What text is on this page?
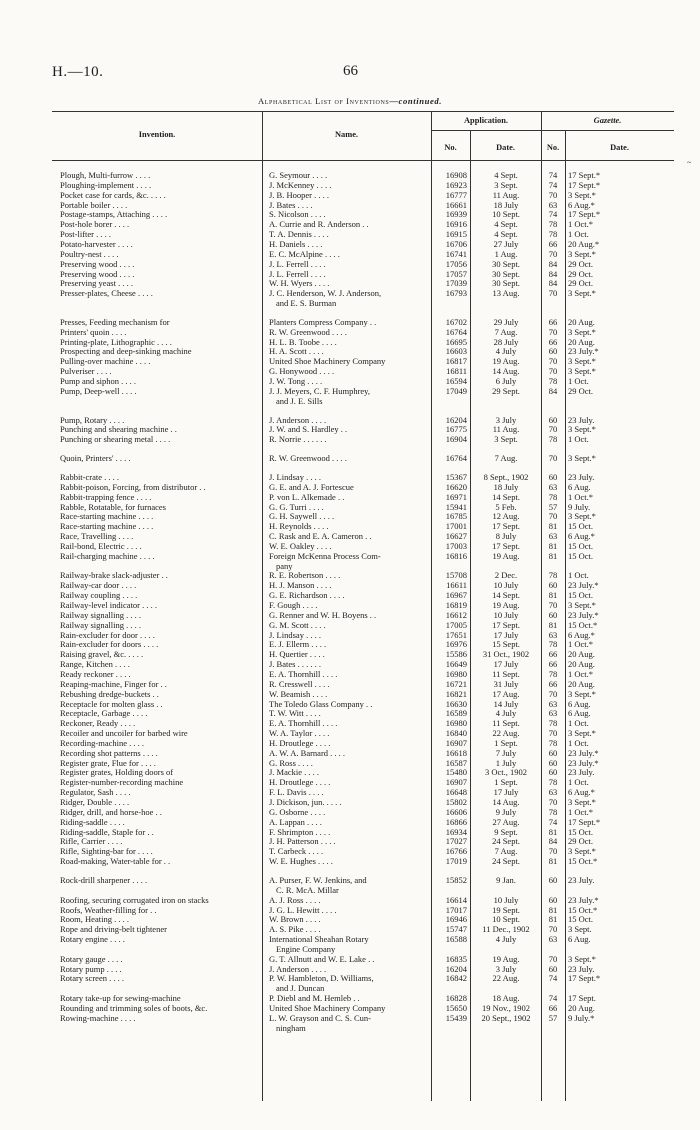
H.—10.	66
Alphabetical List of Inventions—continued.
~
Invention.	Name.
Application.	Gazette.
No.	Date.	No.	Date.
Plough, Multi-furrow . . . .	G. Seymour . . . .	16908	4 Sept.	74	17 Sept.*
Ploughing-implement . . . .	J. McKenney . . . .	16923	3 Sept.	74	17 Sept.*
Pocket case for cards, &c. . . . .	J. B. Hooper . . . .	16777	11 Aug.	70	3 Sept.*
Portable boiler . . . .	J. Bates . . . .	16661	18 July	63	6 Aug.*
Postage-stamps, Attaching . . . .	S. Nicolson . . . .	16939	10 Sept.	74	17 Sept.*
Post-hole borer . . . .	A. Currie and R. Anderson . .	16916	4 Sept.	78	1 Oct.*
Post-lifter . . . .	T. A. Dennis . . . .	16915	4 Sept.	78	1 Oct.
Potato-harvester . . . .	H. Daniels . . . .	16706	27 July	66	20 Aug.*
Poultry-nest . . . .	E. C. McAlpine . . . .	16741	1 Aug.	70	3 Sept.*
Preserving wood . . . .	J. L. Ferrell . . . .	17056	30 Sept.	84	29 Oct.
Preserving wood . . . .	J. L. Ferrell . . . .	17057	30 Sept.	84	29 Oct.
Preserving yeast . . . .	W. H. Wyers . . . .	17039	30 Sept.	84	29 Oct.
Presser-plates, Cheese . . . .	J. C. Henderson, W. J. Anderson,	16793	13 Aug.	70	3 Sept.*
and E. S. Burman
Presses, Feeding mechanism for	Planters Compress Company . .	16702	29 July	66	20 Aug.
Printers' quoin . . . .	R. W. Greenwood . . . .	16764	7 Aug.	70	3 Sept.*
Printing-plate, Lithographic . . . .	H. L. B. Toobe . . . .	16695	28 July	66	20 Aug.
Prospecting and deep-sinking machine	H. A. Scott . . . .	16603	4 July	60	23 July.*
Pulling-over machine . . . .	United Shoe Machinery Company	16817	19 Aug.	70	3 Sept.*
Pulveriser . . . .	G. Honywood . . . .	16811	14 Aug.	70	3 Sept.*
Pump and siphon . . . .	J. W. Tong . . . .	16594	6 July	78	1 Oct.
Pump, Deep-well . . . .	J. J. Meyers, C. F. Humphrey,	17049	29 Sept.	84	29 Oct.
and J. E. Sills
Pump, Rotary . . . .	J. Anderson . . . .	16204	3 July	60	23 July.
Punching and shearing machine . .	J. W. and S. Hardley . .	16775	11 Aug.	70	3 Sept.*
Punching or shearing metal . . . .	R. Norrie . . . . . .	16904	3 Sept.	78	1 Oct.
Quoin, Printers' . . . .	R. W. Greenwood . . . .	16764	7 Aug.	70	3 Sept.*
Rabbit-crate . . . .	J. Lindsay . . . .	15367	8 Sept., 1902	60	23 July.
Rabbit-poison, Forcing, from distributor . .	G. E. and A. J. Fortescue	16620	18 July	63	6 Aug.
Rabbit-trapping fence . . . .	P. von L. Alkemade . .	16971	14 Sept.	78	1 Oct.*
Rabble, Rotatable, for furnaces	G. G. Turri . . . .	15941	5 Feb.	57	9 July.
Race-starting machine . . . .	G. H. Saywell . . . .	16785	12 Aug.	70	3 Sept.*
Race-starting machine . . . .	H. Reynolds . . . .	17001	17 Sept.	81	15 Oct.
Race, Travelling . . . .	C. Rask and E. A. Cameron . .	16627	8 July	63	6 Aug.*
Rail-bond, Electric . . . .	W. E. Oakley . . . .	17003	17 Sept.	81	15 Oct.
Rail-charging machine . . . .	Foreign McKenna Process Com-	16816	19 Aug.	81	15 Oct.
pany
Railway-brake slack-adjuster . .	R. E. Robertson . . . .	15708	2 Dec.	78	1 Oct.
Railway-car door . . . .	H. J. Manson . . . .	16611	10 July	60	23 July.*
Railway coupling . . . .	G. E. Richardson . . . .	16967	14 Sept.	81	15 Oct.
Railway-level indicator . . . .	F. Gough . . . .	16819	19 Aug.	70	3 Sept.*
Railway signalling . . . .	G. Renner and W. H. Boyens . .	16612	10 July	60	23 July.*
Railway signalling . . . .	G. M. Scott . . . .	17005	17 Sept.	81	15 Oct.*
Rain-excluder for door . . . .	J. Lindsay . . . .	17651	17 July	63	6 Aug.*
Rain-excluder for doors . . . .	E. J. Ellerm . . . .	16976	15 Sept.	78	1 Oct.*
Raising gravel, &c. . . . .	H. Quertier . . . .	15586	31 Oct., 1902	66	20 Aug.
Range, Kitchen . . . .	J. Bates . . . . . .	16649	17 July	66	20 Aug.
Ready reckoner . . . .	E. A. Thornhill . . . .	16980	11 Sept.	78	1 Oct.*
Reaping-machine, Finger for . .	R. Cresswell . . . .	16721	31 July	66	20 Aug.
Rebushing dredge-buckets . .	W. Beamish . . . .	16821	17 Aug.	70	3 Sept.*
Receptacle for molten glass . .	The Toledo Glass Company . .	16630	14 July	63	6 Aug.
Receptacle, Garbage . . . .	T. W. Witt . . . .	16589	4 July	63	6 Aug.
Reckoner, Ready . . . .	E. A. Thornhill . . . .	16980	11 Sept.	78	1 Oct.
Recoiler and uncoiler for barbed wire	W. A. Taylor . . . .	16840	22 Aug.	70	3 Sept.*
Recording-machine . . . .	H. Droutlege . . . .	16907	1 Sept.	78	1 Oct.
Recording shot patterns . . . .	A. W. A. Barnard . . . .	16618	7 July	60	23 July.*
Register grate, Flue for . . . .	G. Ross . . . .	16587	1 July	60	23 July.*
Register grates, Holding doors of	J. Mackie . . . .	15480	3 Oct., 1902	60	23 July.
Register-number-recording machine	H. Droutlege . . . .	16907	1 Sept.	78	1 Oct.
Regulator, Sash . . . .	F. L. Davis . . . .	16648	17 July	63	6 Aug.*
Ridger, Double . . . .	J. Dickison, jun. . . . .	15802	14 Aug.	70	3 Sept.*
Ridger, drill, and horse-hoe . .	G. Osborne . . . .	16606	9 July	78	1 Oct.*
Riding-saddle . . . .	A. Lappan . . . .	16866	27 Aug.	74	17 Sept.*
Riding-saddle, Staple for . .	F. Shrimpton . . . .	16934	9 Sept.	81	15 Oct.
Rifle, Carrier . . . .	J. H. Patterson . . . .	17027	24 Sept.	84	29 Oct.
Rifle, Sighting-bar for . . . .	T. Carbeck . . . .	16766	7 Aug.	70	3 Sept.*
Road-making, Water-table for . .	W. E. Hughes . . . .	17019	24 Sept.	81	15 Oct.*
Rock-drill sharpener . . . .	A. Purser, F. W. Jenkins, and	15852	9 Jan.	60	23 July.
C. R. McA. Millar
Roofing, securing corrugated iron on stacks	A. J. Ross . . . .	16614	10 July	60	23 July.*
Roofs, Weather-filling for . .	J. G. L. Hewitt . . . .	17017	19 Sept.	81	15 Oct.*
Room, Heating . . . .	W. Brown . . . .	16946	10 Sept.	81	15 Oct.
Rope and driving-belt tightener	A. S. Pike . . . .	15747	11 Dec., 1902	70	3 Sept.
Rotary engine . . . .	International Sheahan Rotary	16588	4 July	63	6 Aug.
Engine Company
Rotary gauge . . . .	G. T. Allnutt and W. E. Lake . .	16835	19 Aug.	70	3 Sept.*
Rotary pump . . . .	J. Anderson . . . .	16204	3 July	60	23 July.
Rotary screen . . . .	P. W. Hambleton, D. Williams,	16842	22 Aug.	74	17 Sept.*
and J. Duncan
Rotary take-up for sewing-machine	P. Diebl and M. Hemleb . .	16828	18 Aug.	74	17 Sept.
Rounding and trimming soles of boots, &c.	United Shoe Machinery Company	15650	19 Nov., 1902	66	20 Aug.
Rowing-machine . . . .	L. W. Grayson and C. S. Cun-	15439	20 Sept., 1902	57	9 July.*
ningham
